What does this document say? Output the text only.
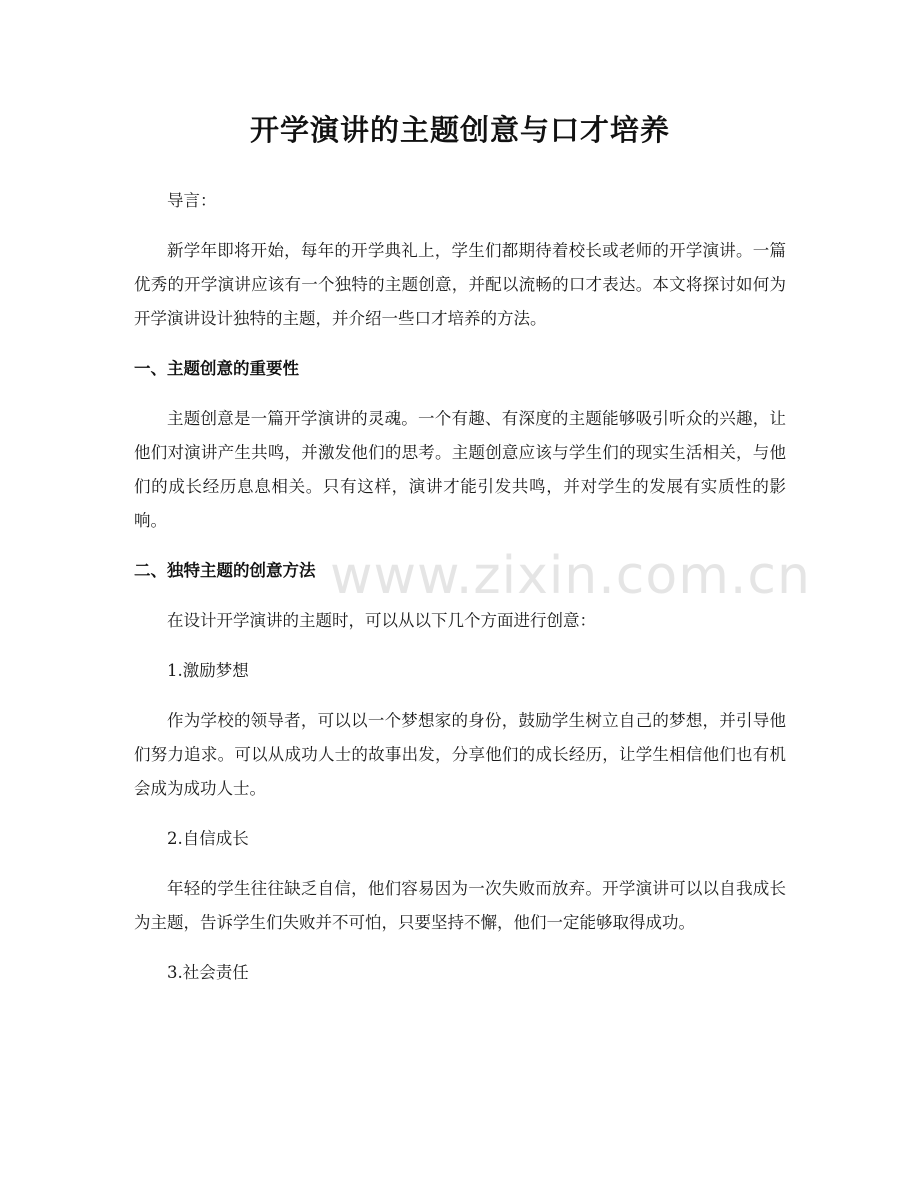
开学演讲的主题创意与口才培养

导言：

新学年即将开始，每年的开学典礼上，学生们都期待着校长或老师的开学演讲。一篇优秀的开学演讲应该有一个独特的主题创意，并配以流畅的口才表达。本文将探讨如何为开学演讲设计独特的主题，并介绍一些口才培养的方法。

一、主题创意的重要性

主题创意是一篇开学演讲的灵魂。一个有趣、有深度的主题能够吸引听众的兴趣，让他们对演讲产生共鸣，并激发他们的思考。主题创意应该与学生们的现实生活相关，与他们的成长经历息息相关。只有这样，演讲才能引发共鸣，并对学生的发展有实质性的影响。

二、独特主题的创意方法

在设计开学演讲的主题时，可以从以下几个方面进行创意：

1.激励梦想

作为学校的领导者，可以以一个梦想家的身份，鼓励学生树立自己的梦想，并引导他们努力追求。可以从成功人士的故事出发，分享他们的成长经历，让学生相信他们也有机会成为成功人士。

2.自信成长

年轻的学生往往缺乏自信，他们容易因为一次失败而放弃。开学演讲可以以自我成长为主题，告诉学生们失败并不可怕，只要坚持不懈，他们一定能够取得成功。

3.社会责任

www.zixin.com.cn
